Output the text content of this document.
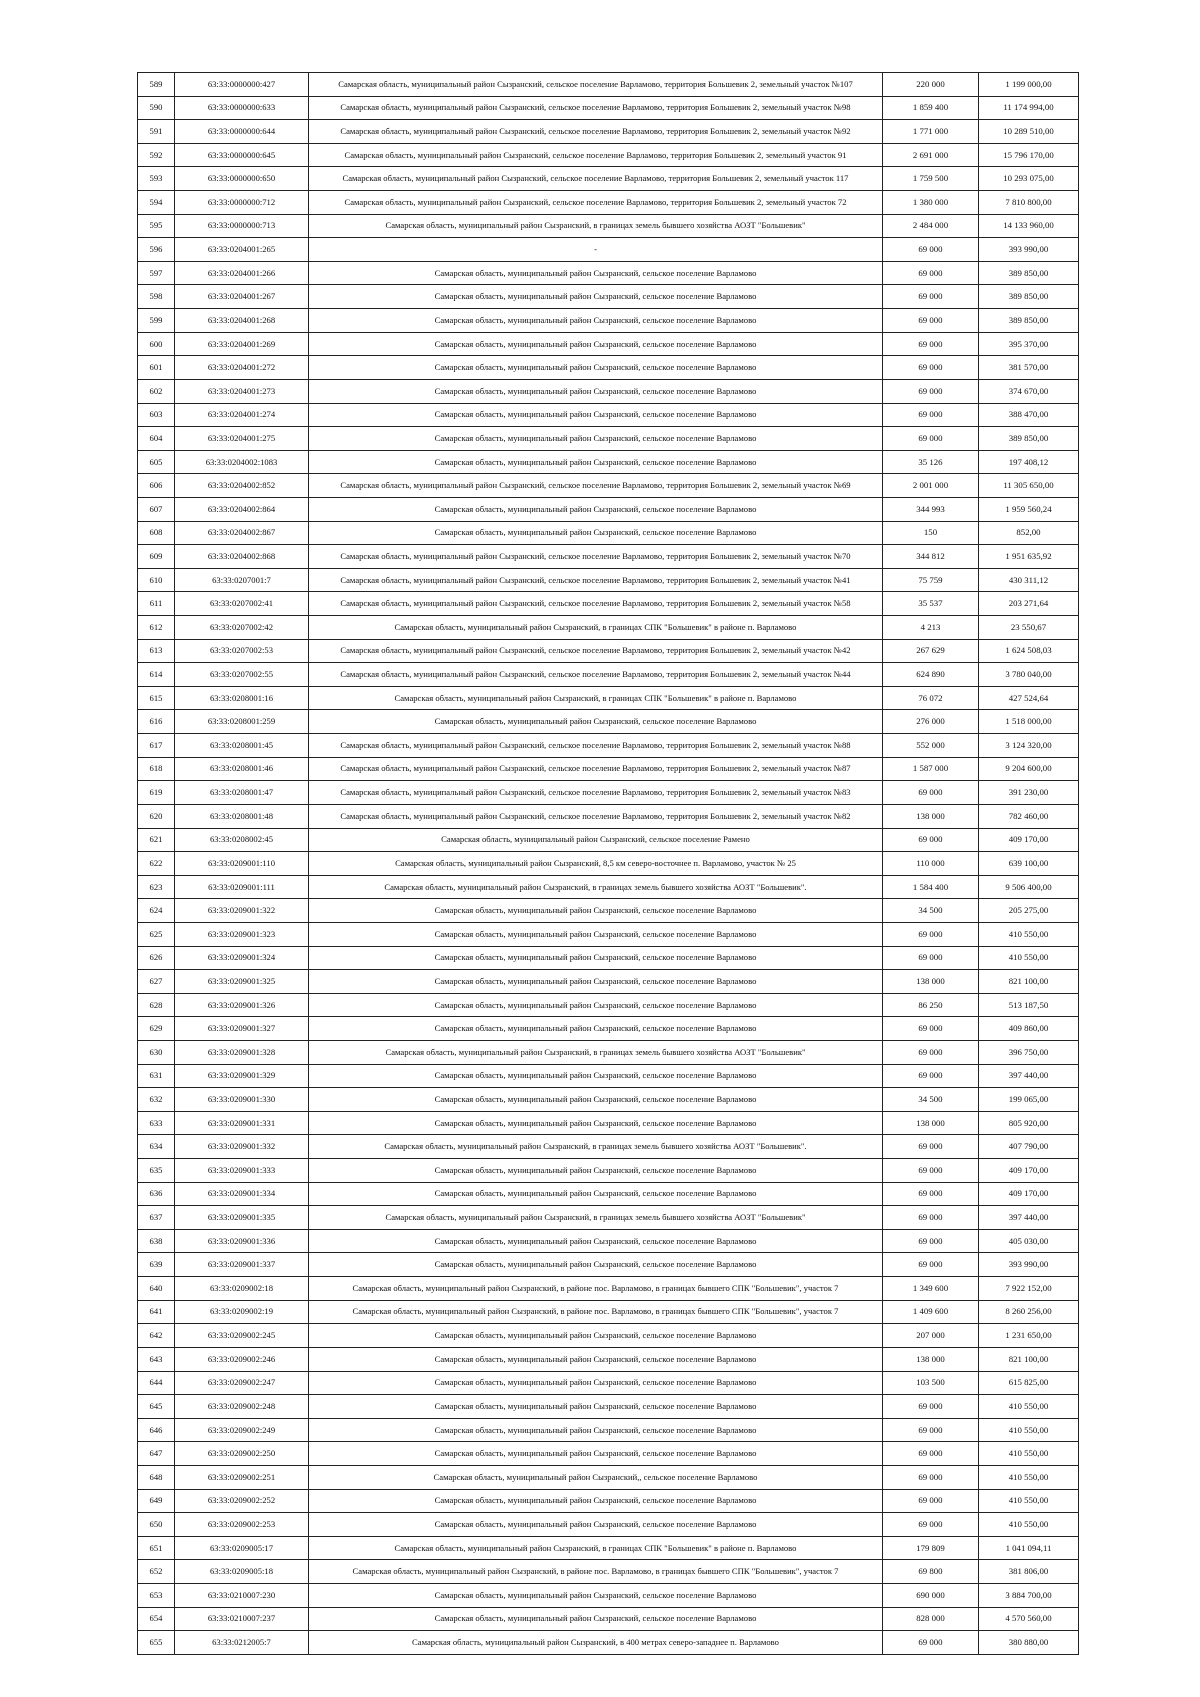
589	63:33:0000000:427	Самарская область, муниципальный район Сызранский, сельское поселение Варламово, территория Большевик 2, земельный участок №107	220 000	1 199 000,00
590	63:33:0000000:633	Самарская область, муниципальный район Сызранский, сельское поселение Варламово, территория Большевик 2, земельный участок №98	1 859 400	11 174 994,00
591	63:33:0000000:644	Самарская область, муниципальный район Сызранский, сельское поселение Варламово, территория Большевик 2, земельный участок №92	1 771 000	10 289 510,00
592	63:33:0000000:645	Самарская область, муниципальный район Сызранский, сельское поселение Варламово, территория Большевик 2, земельный участок 91	2 691 000	15 796 170,00
593	63:33:0000000:650	Самарская область, муниципальный район Сызранский, сельское поселение Варламово, территория Большевик 2, земельный участок 117	1 759 500	10 293 075,00
594	63:33:0000000:712	Самарская область, муниципальный район Сызранский, сельское поселение Варламово, территория Большевик 2, земельный участок 72	1 380 000	7 810 800,00
595	63:33:0000000:713	Самарская область, муниципальный район Сызранский, в границах земель бывшего хозяйства АОЗТ "Большевик"	2 484 000	14 133 960,00
596	63:33:0204001:265	-	69 000	393 990,00
597	63:33:0204001:266	Самарская область, муниципальный район Сызранский, сельское поселение Варламово	69 000	389 850,00
598	63:33:0204001:267	Самарская область, муниципальный район Сызранский, сельское поселение Варламово	69 000	389 850,00
599	63:33:0204001:268	Самарская область, муниципальный район Сызранский, сельское поселение Варламово	69 000	389 850,00
600	63:33:0204001:269	Самарская область, муниципальный район Сызранский, сельское поселение Варламово	69 000	395 370,00
601	63:33:0204001:272	Самарская область, муниципальный район Сызранский, сельское поселение Варламово	69 000	381 570,00
602	63:33:0204001:273	Самарская область, муниципальный район Сызранский, сельское поселение Варламово	69 000	374 670,00
603	63:33:0204001:274	Самарская область, муниципальный район Сызранский, сельское поселение Варламово	69 000	388 470,00
604	63:33:0204001:275	Самарская область, муниципальный район Сызранский, сельское поселение Варламово	69 000	389 850,00
605	63:33:0204002:1083	Самарская область, муниципальный район Сызранский, сельское поселение Варламово	35 126	197 408,12
606	63:33:0204002:852	Самарская область, муниципальный район Сызранский, сельское поселение Варламово, территория Большевик 2, земельный участок №69	2 001 000	11 305 650,00
607	63:33:0204002:864	Самарская область, муниципальный район Сызранский, сельское поселение Варламово	344 993	1 959 560,24
608	63:33:0204002:867	Самарская область, муниципальный район Сызранский, сельское поселение Варламово	150	852,00
609	63:33:0204002:868	Самарская область, муниципальный район Сызранский, сельское поселение Варламово, территория Большевик 2, земельный участок №70	344 812	1 951 635,92
610	63:33:0207001:7	Самарская область, муниципальный район Сызранский, сельское поселение Варламово, территория Большевик 2, земельный участок №41	75 759	430 311,12
611	63:33:0207002:41	Самарская область, муниципальный район Сызранский, сельское поселение Варламово, территория Большевик 2, земельный участок №58	35 537	203 271,64
612	63:33:0207002:42	Самарская область, муниципальный район Сызранский, в границах СПК "Большевик" в районе п. Варламово	4 213	23 550,67
613	63:33:0207002:53	Самарская область, муниципальный район Сызранский, сельское поселение Варламово, территория Большевик 2, земельный участок №42	267 629	1 624 508,03
614	63:33:0207002:55	Самарская область, муниципальный район Сызранский, сельское поселение Варламово, территория Большевик 2, земельный участок №44	624 890	3 780 040,00
615	63:33:0208001:16	Самарская область, муниципальный район Сызранский, в границах СПК "Большевик" в районе п. Варламово	76 072	427 524,64
616	63:33:0208001:259	Самарская область, муниципальный район Сызранский, сельское поселение Варламово	276 000	1 518 000,00
617	63:33:0208001:45	Самарская область, муниципальный район Сызранский, сельское поселение Варламово, территория Большевик 2, земельный участок №88	552 000	3 124 320,00
618	63:33:0208001:46	Самарская область, муниципальный район Сызранский, сельское поселение Варламово, территория Большевик 2, земельный участок №87	1 587 000	9 204 600,00
619	63:33:0208001:47	Самарская область, муниципальный район Сызранский, сельское поселение Варламово, территория Большевик 2, земельный участок №83	69 000	391 230,00
620	63:33:0208001:48	Самарская область, муниципальный район Сызранский, сельское поселение Варламово, территория Большевик 2, земельный участок №82	138 000	782 460,00
621	63:33:0208002:45	Самарская область, муниципальный район Сызранский, сельское поселение Рамено	69 000	409 170,00
622	63:33:0209001:110	Самарская область, муниципальный район Сызранский, 8,5 км северо-восточнее п. Варламово, участок № 25	110 000	639 100,00
623	63:33:0209001:111	Самарская область, муниципальный район Сызранский, в границах земель бывшего хозяйства АОЗТ "Большевик".	1 584 400	9 506 400,00
624	63:33:0209001:322	Самарская область, муниципальный район Сызранский, сельское поселение Варламово	34 500	205 275,00
625	63:33:0209001:323	Самарская область, муниципальный район Сызранский, сельское поселение Варламово	69 000	410 550,00
626	63:33:0209001:324	Самарская область, муниципальный район Сызранский, сельское поселение Варламово	69 000	410 550,00
627	63:33:0209001:325	Самарская область, муниципальный район Сызранский, сельское поселение Варламово	138 000	821 100,00
628	63:33:0209001:326	Самарская область, муниципальный район Сызранский, сельское поселение Варламово	86 250	513 187,50
629	63:33:0209001:327	Самарская область, муниципальный район Сызранский, сельское поселение Варламово	69 000	409 860,00
630	63:33:0209001:328	Самарская область, муниципальный район Сызранский, в границах земель бывшего хозяйства АОЗТ "Большевик"	69 000	396 750,00
631	63:33:0209001:329	Самарская область, муниципальный район Сызранский, сельское поселение Варламово	69 000	397 440,00
632	63:33:0209001:330	Самарская область, муниципальный район Сызранский, сельское поселение Варламово	34 500	199 065,00
633	63:33:0209001:331	Самарская область, муниципальный район Сызранский, сельское поселение Варламово	138 000	805 920,00
634	63:33:0209001:332	Самарская область, муниципальный район Сызранский, в границах земель бывшего хозяйства АОЗТ "Большевик".	69 000	407 790,00
635	63:33:0209001:333	Самарская область, муниципальный район Сызранский, сельское поселение Варламово	69 000	409 170,00
636	63:33:0209001:334	Самарская область, муниципальный район Сызранский, сельское поселение Варламово	69 000	409 170,00
637	63:33:0209001:335	Самарская область, муниципальный район Сызранский, в границах земель бывшего хозяйства АОЗТ "Большевик"	69 000	397 440,00
638	63:33:0209001:336	Самарская область, муниципальный район Сызранский, сельское поселение Варламово	69 000	405 030,00
639	63:33:0209001:337	Самарская область, муниципальный район Сызранский, сельское поселение Варламово	69 000	393 990,00
640	63:33:0209002:18	Самарская область, муниципальный район Сызранский, в районе пос. Варламово, в границах бывшего СПК "Большевик", участок 7	1 349 600	7 922 152,00
641	63:33:0209002:19	Самарская область, муниципальный район Сызранский, в районе пос. Варламово, в границах бывшего СПК "Большевик", участок 7	1 409 600	8 260 256,00
642	63:33:0209002:245	Самарская область, муниципальный район Сызранский, сельское поселение Варламово	207 000	1 231 650,00
643	63:33:0209002:246	Самарская область, муниципальный район Сызранский, сельское поселение Варламово	138 000	821 100,00
644	63:33:0209002:247	Самарская область, муниципальный район Сызранский, сельское поселение Варламово	103 500	615 825,00
645	63:33:0209002:248	Самарская область, муниципальный район Сызранский, сельское поселение Варламово	69 000	410 550,00
646	63:33:0209002:249	Самарская область, муниципальный район Сызранский, сельское поселение Варламово	69 000	410 550,00
647	63:33:0209002:250	Самарская область, муниципальный район Сызранский, сельское поселение Варламово	69 000	410 550,00
648	63:33:0209002:251	Самарская область, муниципальный район Сызранский,, сельское поселение Варламово	69 000	410 550,00
649	63:33:0209002:252	Самарская область, муниципальный район Сызранский, сельское поселение Варламово	69 000	410 550,00
650	63:33:0209002:253	Самарская область, муниципальный район Сызранский, сельское поселение Варламово	69 000	410 550,00
651	63:33:0209005:17	Самарская область, муниципальный район Сызранский, в границах СПК "Большевик" в районе п. Варламово	179 809	1 041 094,11
652	63:33:0209005:18	Самарская область, муниципальный район Сызранский, в районе пос. Варламово, в границах бывшего СПК "Большевик", участок 7	69 800	381 806,00
653	63:33:0210007:230	Самарская область, муниципальный район Сызранский, сельское поселение Варламово	690 000	3 884 700,00
654	63:33:0210007:237	Самарская область, муниципальный район Сызранский, сельское поселение Варламово	828 000	4 570 560,00
655	63:33:0212005:7	Самарская область, муниципальный район Сызранский, в 400 метрах северо-западнее п. Варламово	69 000	380 880,00
